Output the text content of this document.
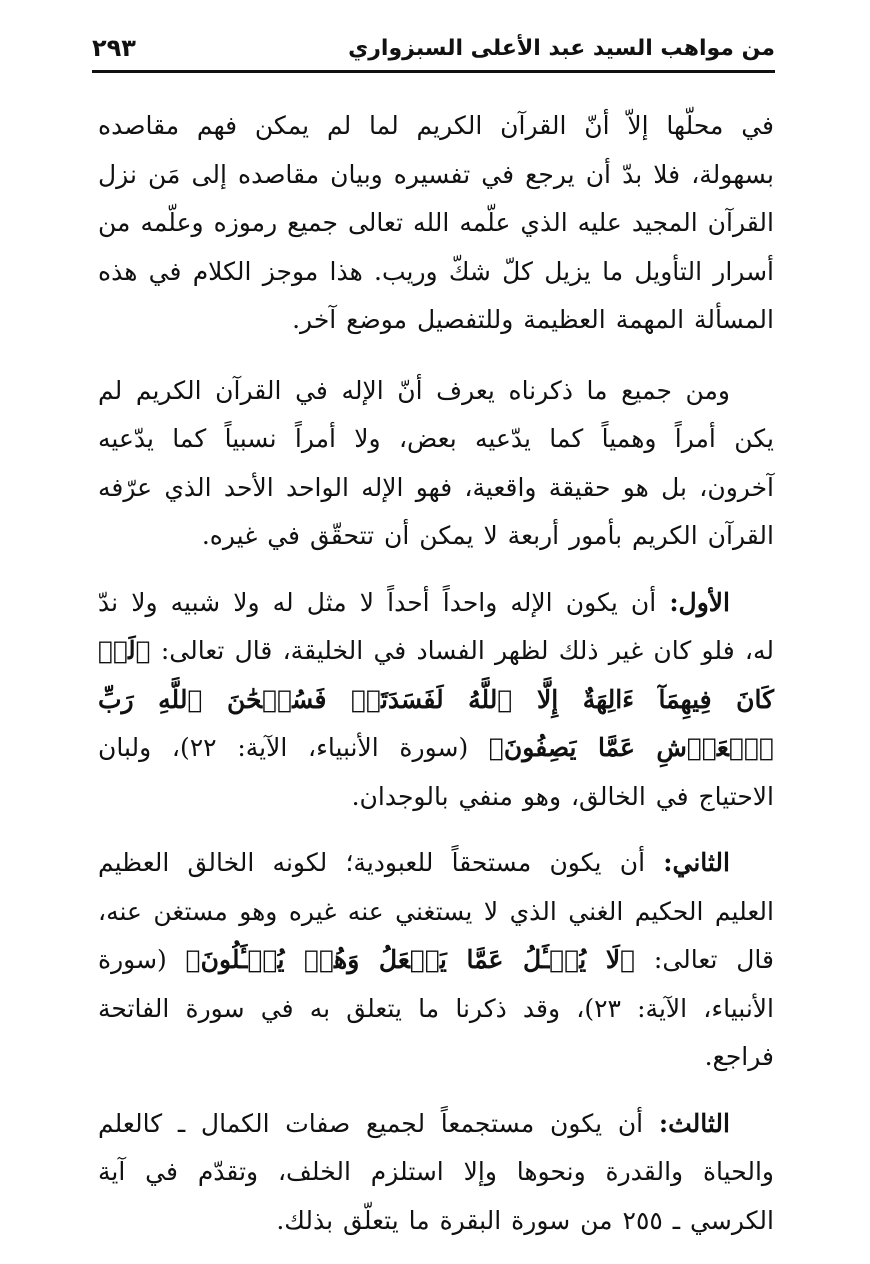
من مواهب السيد عبد الأعلى السبزواري
٢٩٣

في محلّها إلاّ أنّ القرآن الكريم لما لم يمكن فهم مقاصده بسهولة، فلا بدّ أن يرجع في تفسيره وبيان مقاصده إلى مَن نزل القرآن المجيد عليه الذي علّمه الله تعالى جميع رموزه وعلّمه من أسرار التأويل ما يزيل كلّ شكّ وريب. هذا موجز الكلام في هذه المسألة المهمة العظيمة وللتفصيل موضع آخر.

ومن جميع ما ذكرناه يعرف أنّ الإله في القرآن الكريم لم يكن أمراً وهمياً كما يدّعيه بعض، ولا أمراً نسبياً كما يدّعيه آخرون، بل هو حقيقة واقعية، فهو الإله الواحد الأحد الذي عرّفه القرآن الكريم بأمور أربعة لا يمكن أن تتحقّق في غيره.

الأول: أن يكون الإله واحداً أحداً لا مثل له ولا شبيه ولا ندّ له، فلو كان غير ذلك لظهر الفساد في الخليقة، قال تعالى: ﴿لَوۡ كَانَ فِيهِمَآ ءَالِهَةٌ إِلَّا ٱللَّهُ لَفَسَدَتَاۚ فَسُبۡحَٰنَ ٱللَّهِ رَبِّ ٱلۡعَرۡشِ عَمَّا يَصِفُونَ﴾ (سورة الأنبياء، الآية: ٢٢)، ولبان الاحتياج في الخالق، وهو منفي بالوجدان.

الثاني: أن يكون مستحقاً للعبودية؛ لكونه الخالق العظيم العليم الحكيم الغني الذي لا يستغني عنه غيره وهو مستغن عنه، قال تعالى: ﴿لَا يُسۡـَٔلُ عَمَّا يَفۡعَلُ وَهُمۡ يُسۡـَٔلُونَ﴾ (سورة الأنبياء، الآية: ٢٣)، وقد ذكرنا ما يتعلق به في سورة الفاتحة فراجع.

الثالث: أن يكون مستجمعاً لجميع صفات الكمال ـ كالعلم والحياة والقدرة ونحوها وإلا استلزم الخلف، وتقدّم في آية الكرسي ـ ٢٥٥ من سورة البقرة ما يتعلّق بذلك.
